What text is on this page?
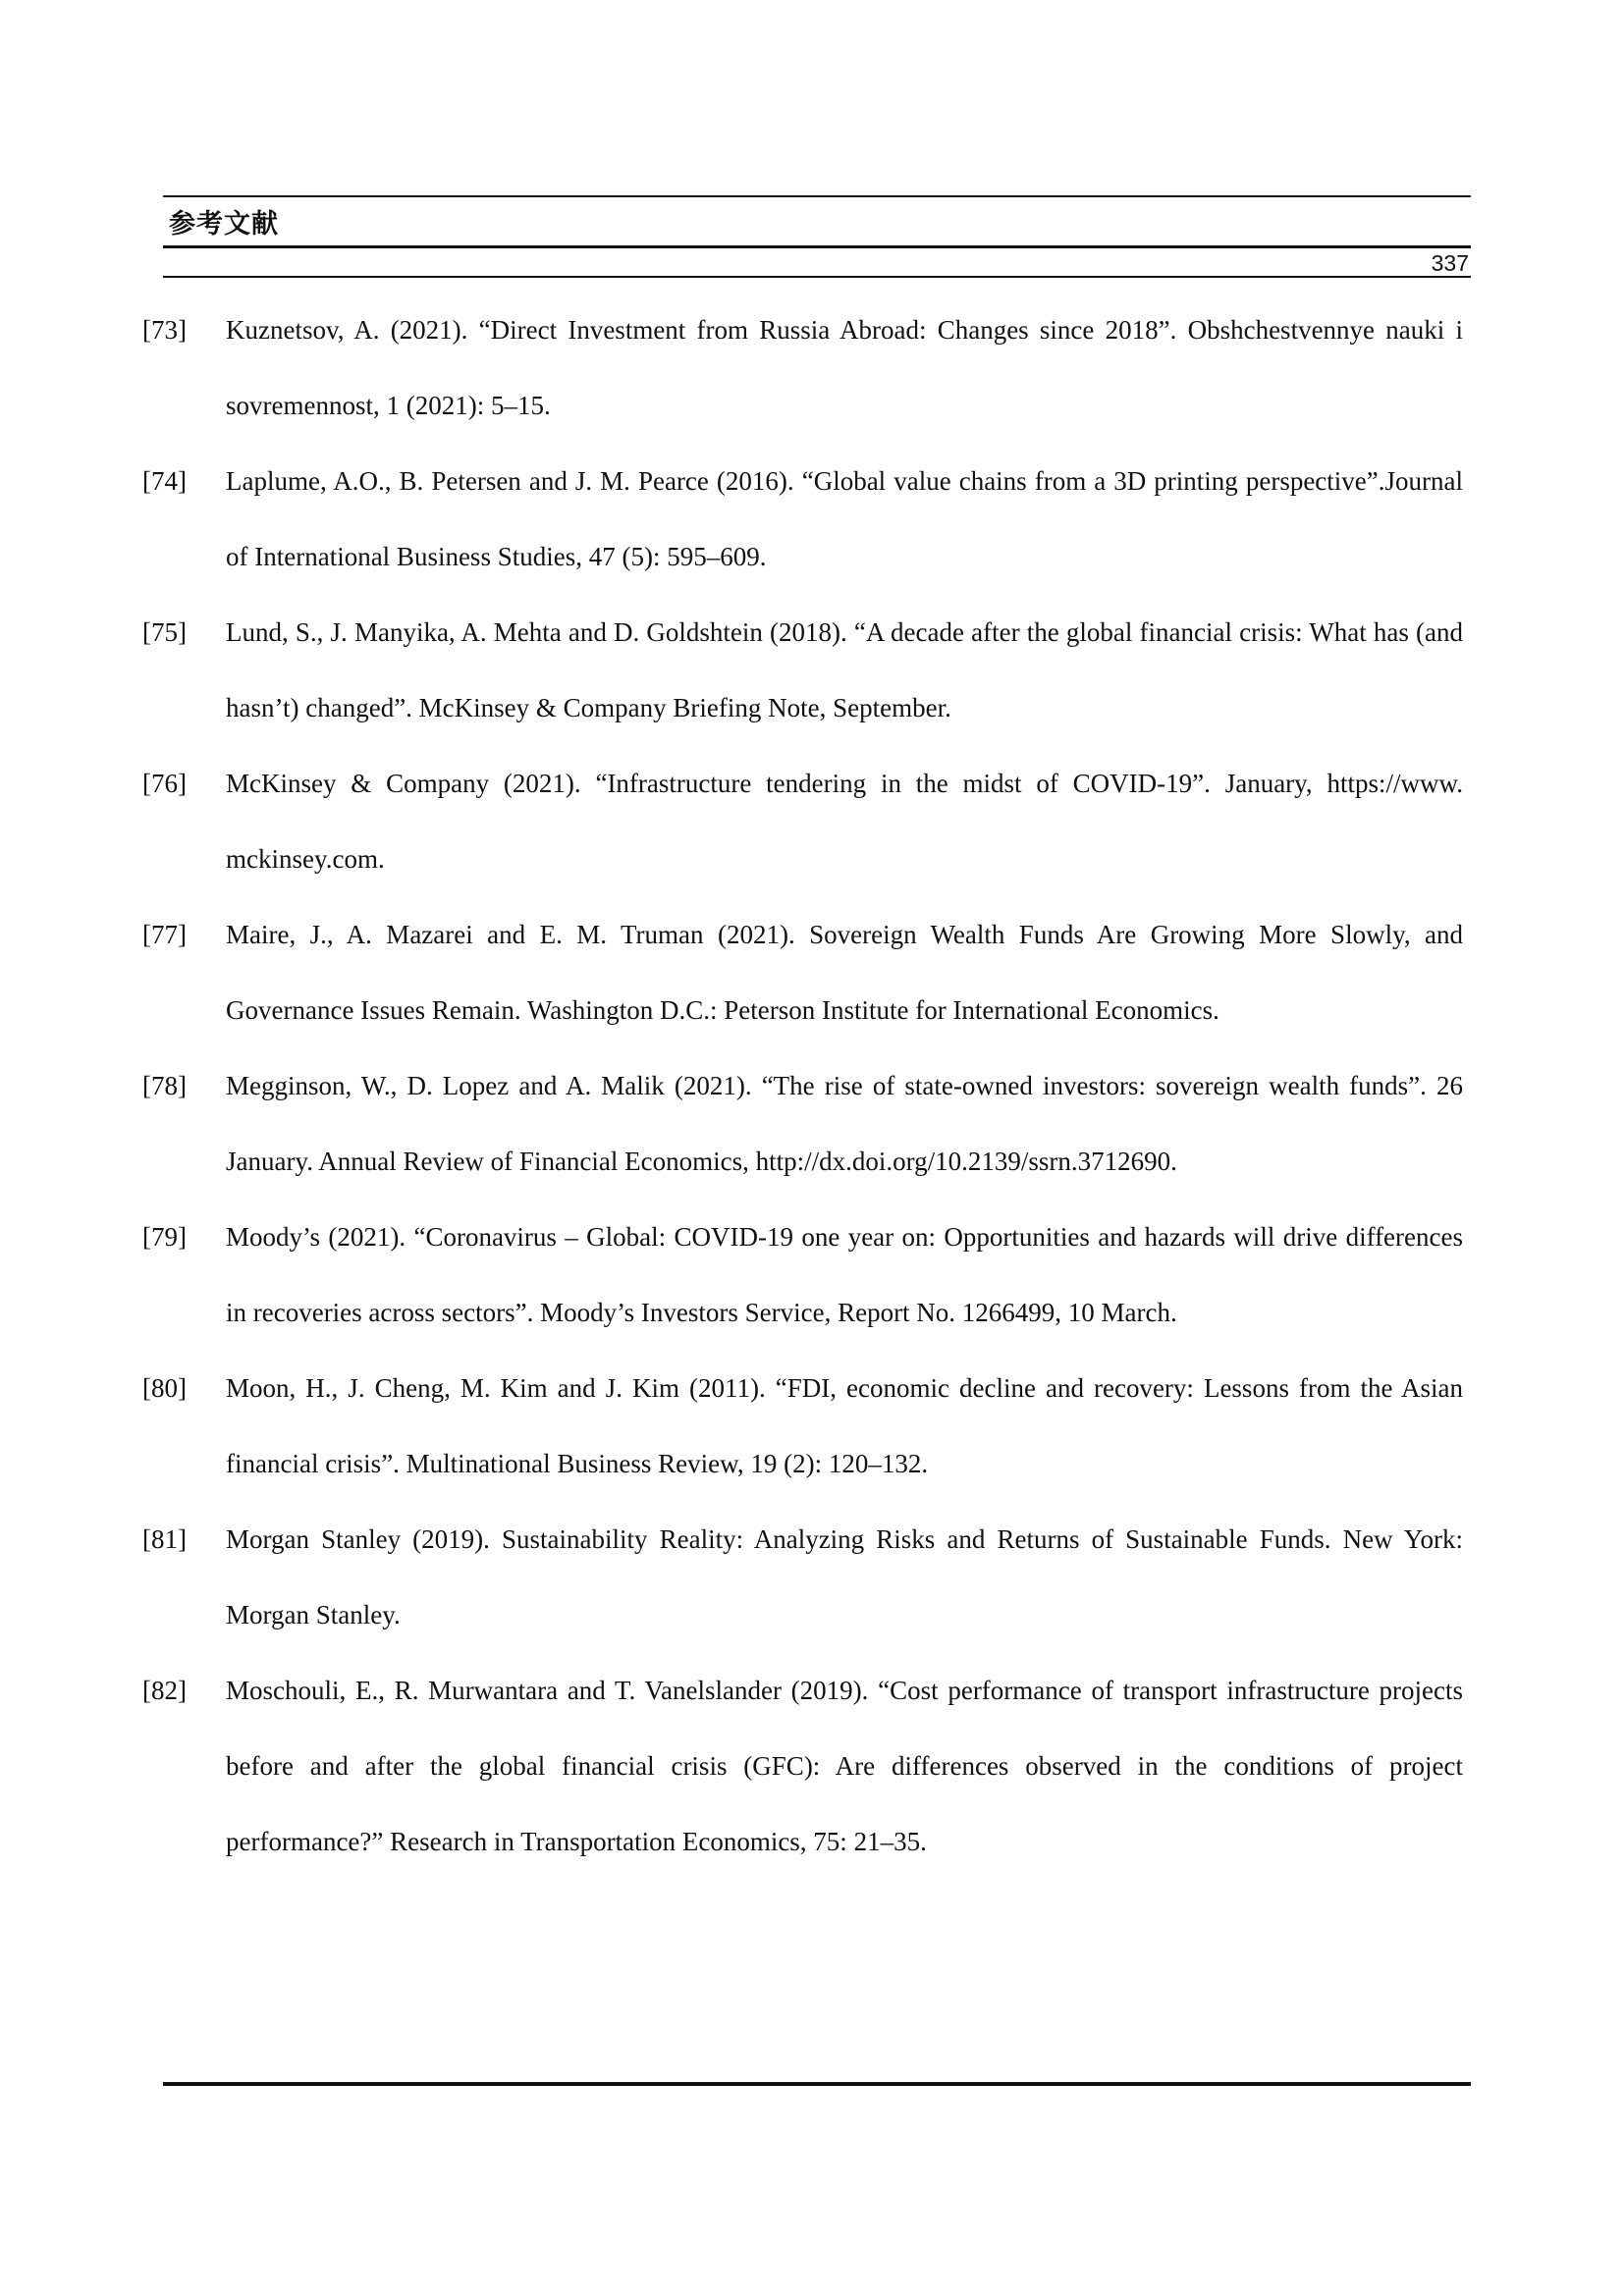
参考文献
337
[73] Kuznetsov, A. (2021). “Direct Investment from Russia Abroad: Changes since 2018”. Obshchestvennye nauki i sovremennost, 1 (2021): 5–15.
[74] Laplume, A.O., B. Petersen and J. M. Pearce (2016). “Global value chains from a 3D printing perspective”.Journal of International Business Studies, 47 (5): 595–609.
[75] Lund, S., J. Manyika, A. Mehta and D. Goldshtein (2018). “A decade after the global financial crisis: What has (and hasn’t) changed”. McKinsey & Company Briefing Note, September.
[76] McKinsey & Company (2021). “Infrastructure tendering in the midst of COVID-19”. January, https://www. mckinsey.com.
[77] Maire, J., A. Mazarei and E. M. Truman (2021). Sovereign Wealth Funds Are Growing More Slowly, and Governance Issues Remain. Washington D.C.: Peterson Institute for International Economics.
[78] Megginson, W., D. Lopez and A. Malik (2021). “The rise of state-owned investors: sovereign wealth funds”. 26 January. Annual Review of Financial Economics, http://dx.doi.org/10.2139/ssrn.3712690.
[79] Moody’s (2021). “Coronavirus – Global: COVID-19 one year on: Opportunities and hazards will drive differences in recoveries across sectors”. Moody’s Investors Service, Report No. 1266499, 10 March.
[80] Moon, H., J. Cheng, M. Kim and J. Kim (2011). “FDI, economic decline and recovery: Lessons from the Asian financial crisis”. Multinational Business Review, 19 (2): 120–132.
[81] Morgan Stanley (2019). Sustainability Reality: Analyzing Risks and Returns of Sustainable Funds. New York: Morgan Stanley.
[82] Moschouli, E., R. Murwantara and T. Vanelslander (2019). “Cost performance of transport infrastructure projects before and after the global financial crisis (GFC): Are differences observed in the conditions of project performance?” Research in Transportation Economics, 75: 21–35.
